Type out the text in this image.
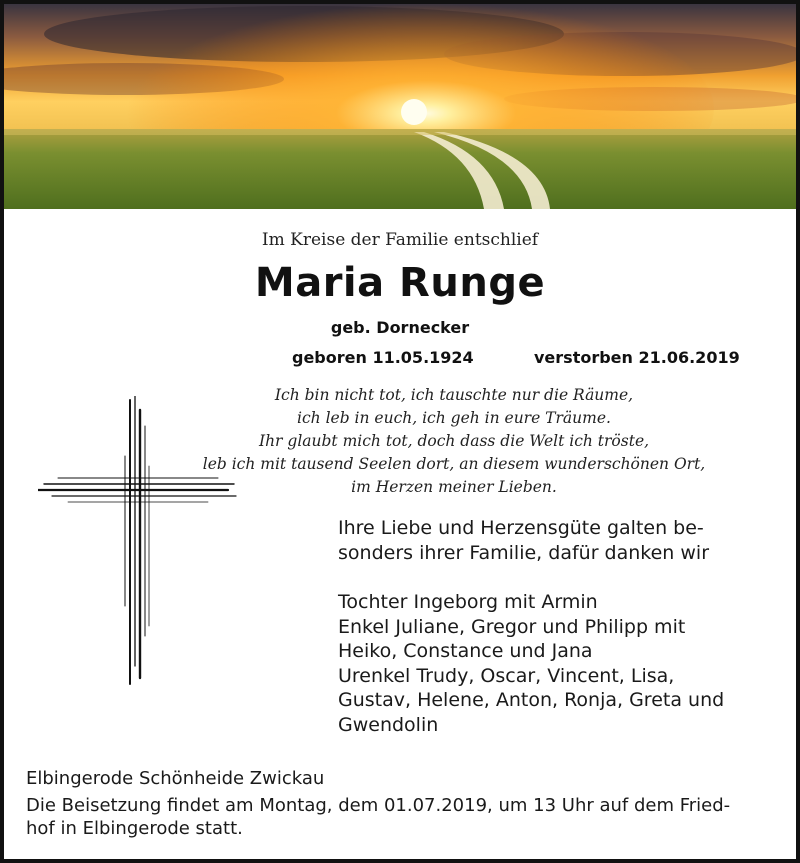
Im Kreise der Familie entschlief
Maria Runge
geb. Dornecker
geboren 11.05.1924	verstorben 21.06.2019
Ich bin nicht tot, ich tauschte nur die Räume,
ich leb in euch, ich geh in eure Träume.
Ihr glaubt mich tot, doch dass die Welt ich tröste,
leb ich mit tausend Seelen dort, an diesem wunderschönen Ort,
im Herzen meiner Lieben.
Ihre Liebe und Herzensgüte galten be-
sonders ihrer Familie, dafür danken wir
Tochter Ingeborg mit Armin
Enkel Juliane, Gregor und Philipp mit
Heiko, Constance und Jana
Urenkel Trudy, Oscar, Vincent, Lisa,
Gustav, Helene, Anton, Ronja, Greta und
Gwendolin
Elbingerode Schönheide Zwickau
Die Beisetzung findet am Montag, dem 01.07.2019, um 13 Uhr auf dem Fried-
hof in Elbingerode statt.
